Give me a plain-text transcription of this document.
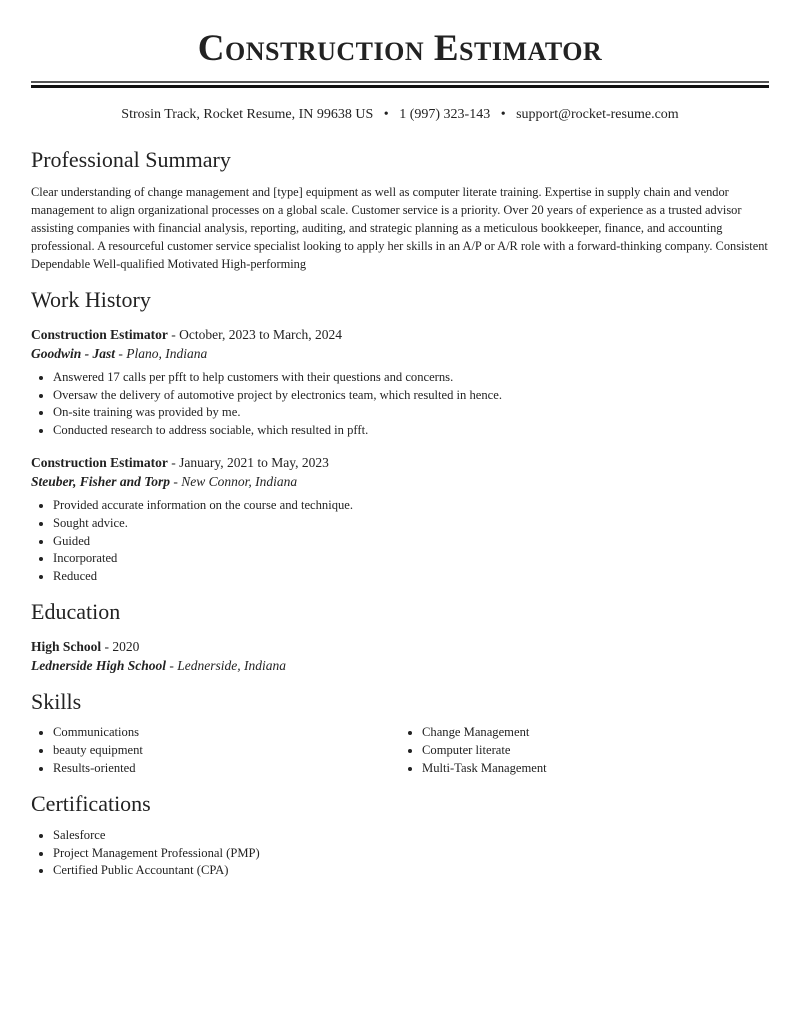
Construction Estimator
Strosin Track, Rocket Resume, IN 99638 US • 1 (997) 323-143 • support@rocket-resume.com
Professional Summary

Clear understanding of change management and [type] equipment as well as computer literate training. Expertise in supply chain and vendor management to align organizational processes on a global scale. Customer service is a priority. Over 20 years of experience as a trusted advisor assisting companies with financial analysis, reporting, auditing, and strategic planning as a meticulous bookkeeper, finance, and accounting professional. A resourceful customer service specialist looking to apply her skills in an A/P or A/R role with a forward-thinking company. Consistent Dependable Well-qualified Motivated High-performing

Work History
Construction Estimator - October, 2023 to March, 2024
Goodwin - Jast - Plano, Indiana
• Answered 17 calls per pfft to help customers with their questions and concerns.
• Oversaw the delivery of automotive project by electronics team, which resulted in hence.
• On-site training was provided by me.
• Conducted research to address sociable, which resulted in pfft.
Construction Estimator - January, 2021 to May, 2023
Steuber, Fisher and Torp - New Connor, Indiana
• Provided accurate information on the course and technique.
• Sought advice.
• Guided
• Incorporated
• Reduced
Education
High School - 2020
Lednerside High School - Lednerside, Indiana
Skills
• Communications
• beauty equipment
• Results-oriented
• Change Management
• Computer literate
• Multi-Task Management
Certifications
• Salesforce
• Project Management Professional (PMP)
• Certified Public Accountant (CPA)
